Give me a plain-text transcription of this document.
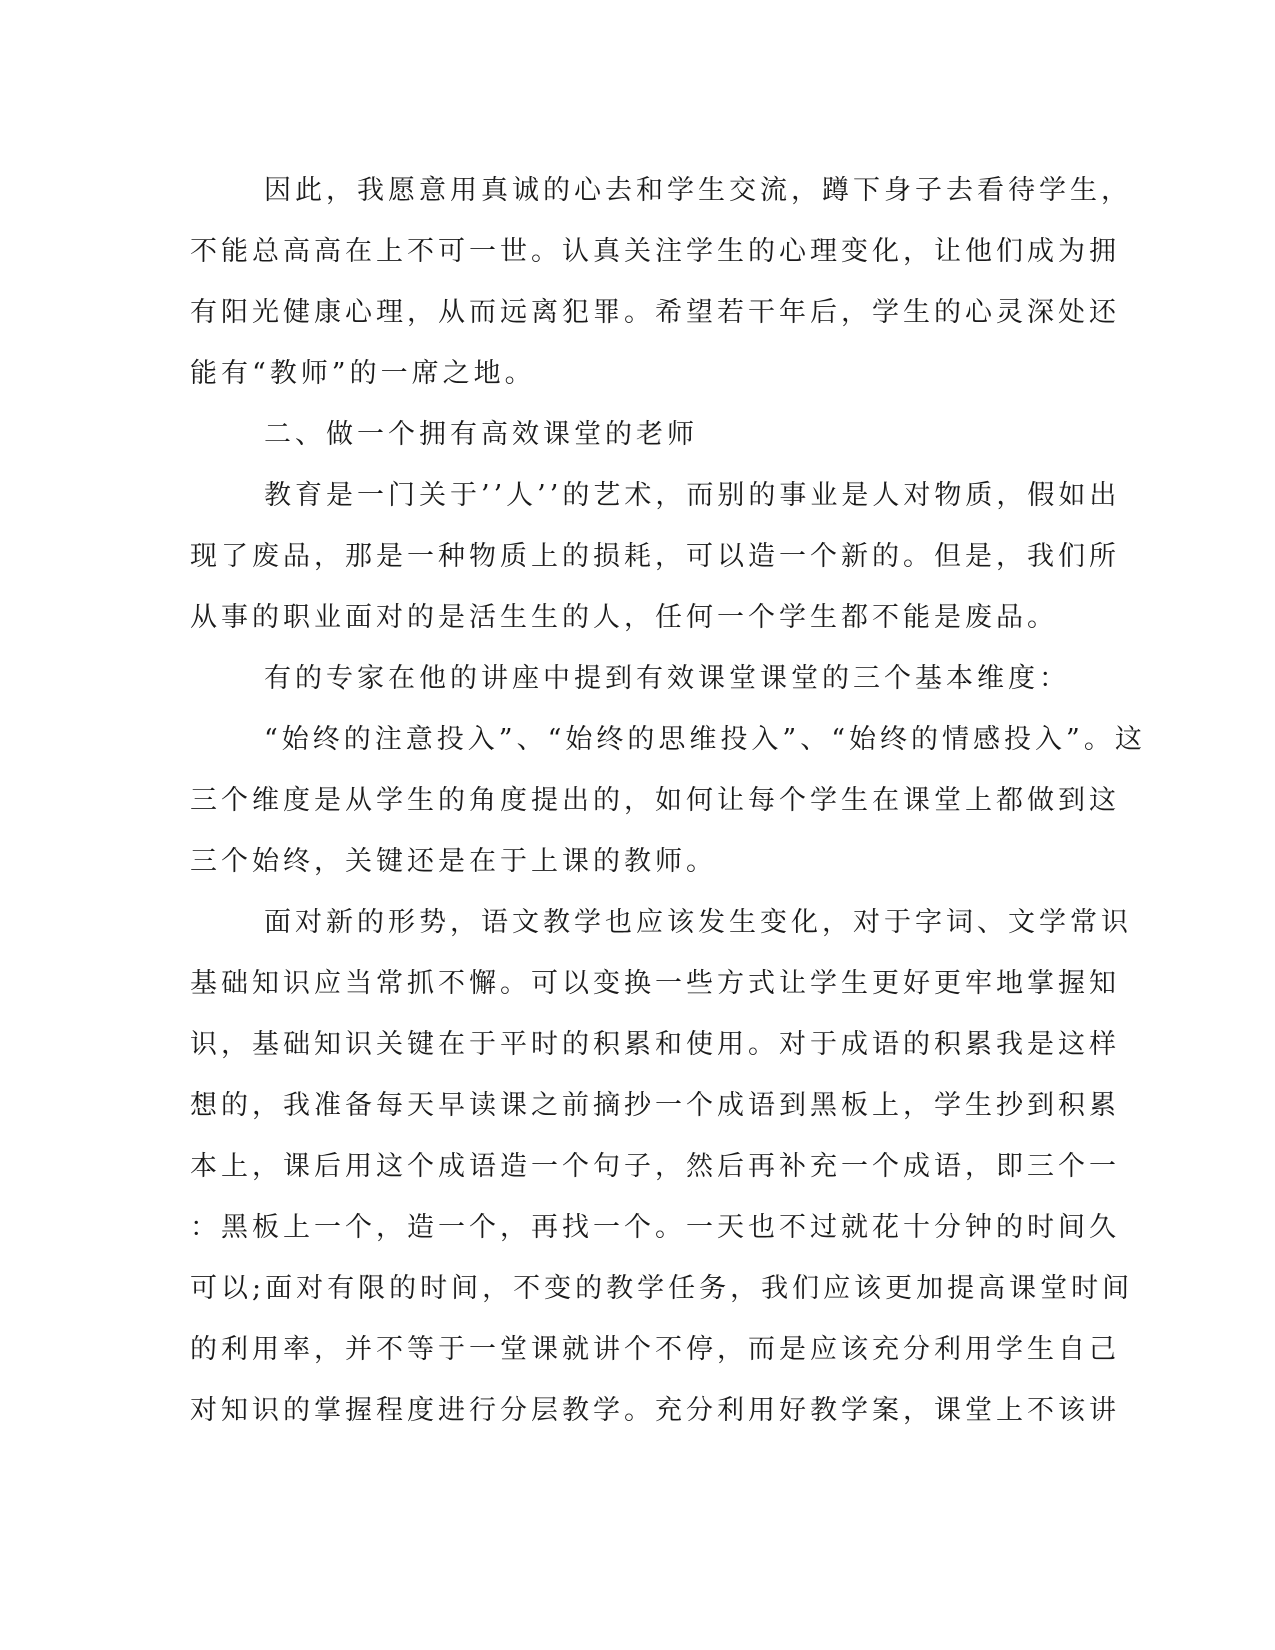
因此，我愿意用真诚的心去和学生交流，蹲下身子去看待学生，
不能总高高在上不可一世。认真关注学生的心理变化，让他们成为拥
有阳光健康心理，从而远离犯罪。希望若干年后，学生的心灵深处还
能有“教师”的一席之地。
二、做一个拥有高效课堂的老师
教育是一门关于’’人’’的艺术，而别的事业是人对物质，假如出
现了废品，那是一种物质上的损耗，可以造一个新的。但是，我们所
从事的职业面对的是活生生的人，任何一个学生都不能是废品。
有的专家在他的讲座中提到有效课堂课堂的三个基本维度：
“始终的注意投入”、“始终的思维投入”、“始终的情感投入”。这
三个维度是从学生的角度提出的，如何让每个学生在课堂上都做到这
三个始终，关键还是在于上课的教师。
面对新的形势，语文教学也应该发生变化，对于字词、文学常识
基础知识应当常抓不懈。可以变换一些方式让学生更好更牢地掌握知
识，基础知识关键在于平时的积累和使用。对于成语的积累我是这样
想的，我准备每天早读课之前摘抄一个成语到黑板上，学生抄到积累
本上，课后用这个成语造一个句子，然后再补充一个成语，即三个一
：黑板上一个，造一个，再找一个。一天也不过就花十分钟的时间久
可以;面对有限的时间，不变的教学任务，我们应该更加提高课堂时间
的利用率，并不等于一堂课就讲个不停，而是应该充分利用学生自己
对知识的掌握程度进行分层教学。充分利用好教学案，课堂上不该讲
